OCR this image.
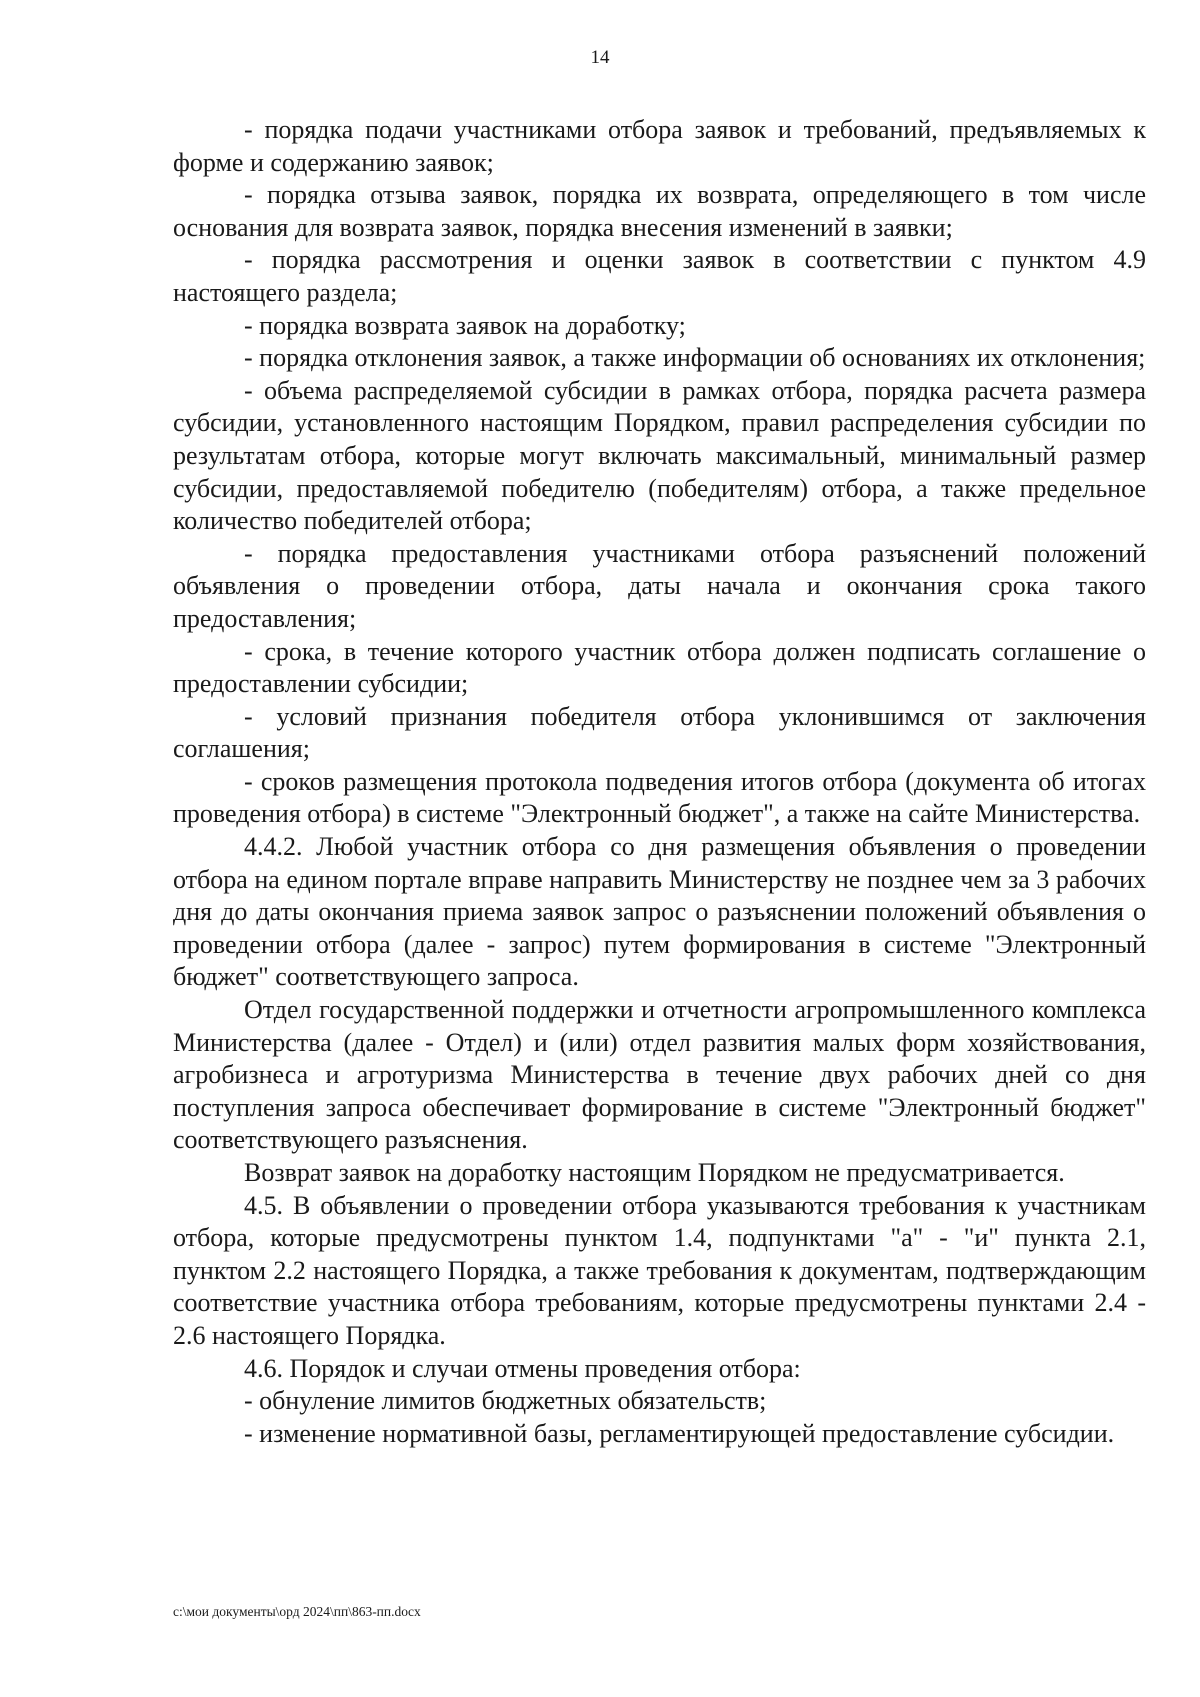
14

- порядка подачи участниками отбора заявок и требований, предъявляемых к форме и содержанию заявок;

- порядка отзыва заявок, порядка их возврата, определяющего в том числе основания для возврата заявок, порядка внесения изменений в заявки;

- порядка рассмотрения и оценки заявок в соответствии с пунктом 4.9 настоящего раздела;

- порядка возврата заявок на доработку;

- порядка отклонения заявок, а также информации об основаниях их отклонения;

- объема распределяемой субсидии в рамках отбора, порядка расчета размера субсидии, установленного настоящим Порядком, правил распределения субсидии по результатам отбора, которые могут включать максимальный, минимальный размер субсидии, предоставляемой победителю (победителям) отбора, а также предельное количество победителей отбора;

- порядка предоставления участниками отбора разъяснений положений объявления о проведении отбора, даты начала и окончания срока такого предоставления;

- срока, в течение которого участник отбора должен подписать соглашение о предоставлении субсидии;

- условий признания победителя отбора уклонившимся от заключения соглашения;

- сроков размещения протокола подведения итогов отбора (документа об итогах проведения отбора) в системе "Электронный бюджет", а также на сайте Министерства.

4.4.2. Любой участник отбора со дня размещения объявления о проведении отбора на едином портале вправе направить Министерству не позднее чем за 3 рабочих дня до даты окончания приема заявок запрос о разъяснении положений объявления о проведении отбора (далее - запрос) путем формирования в системе "Электронный бюджет" соответствующего запроса.

Отдел государственной поддержки и отчетности агропромышленного комплекса Министерства (далее - Отдел) и (или) отдел развития малых форм хозяйствования, агробизнеса и агротуризма Министерства в течение двух рабочих дней со дня поступления запроса обеспечивает формирование в системе "Электронный бюджет" соответствующего разъяснения.

Возврат заявок на доработку настоящим Порядком не предусматривается.

4.5. В объявлении о проведении отбора указываются требования к участникам отбора, которые предусмотрены пунктом 1.4, подпунктами "а" - "и" пункта 2.1, пунктом 2.2 настоящего Порядка, а также требования к документам, подтверждающим соответствие участника отбора требованиям, которые предусмотрены пунктами 2.4 - 2.6 настоящего Порядка.

4.6. Порядок и случаи отмены проведения отбора:

- обнуление лимитов бюджетных обязательств;

- изменение нормативной базы, регламентирующей предоставление субсидии.

c:\мои документы\орд 2024\пп\863-пп.docx
